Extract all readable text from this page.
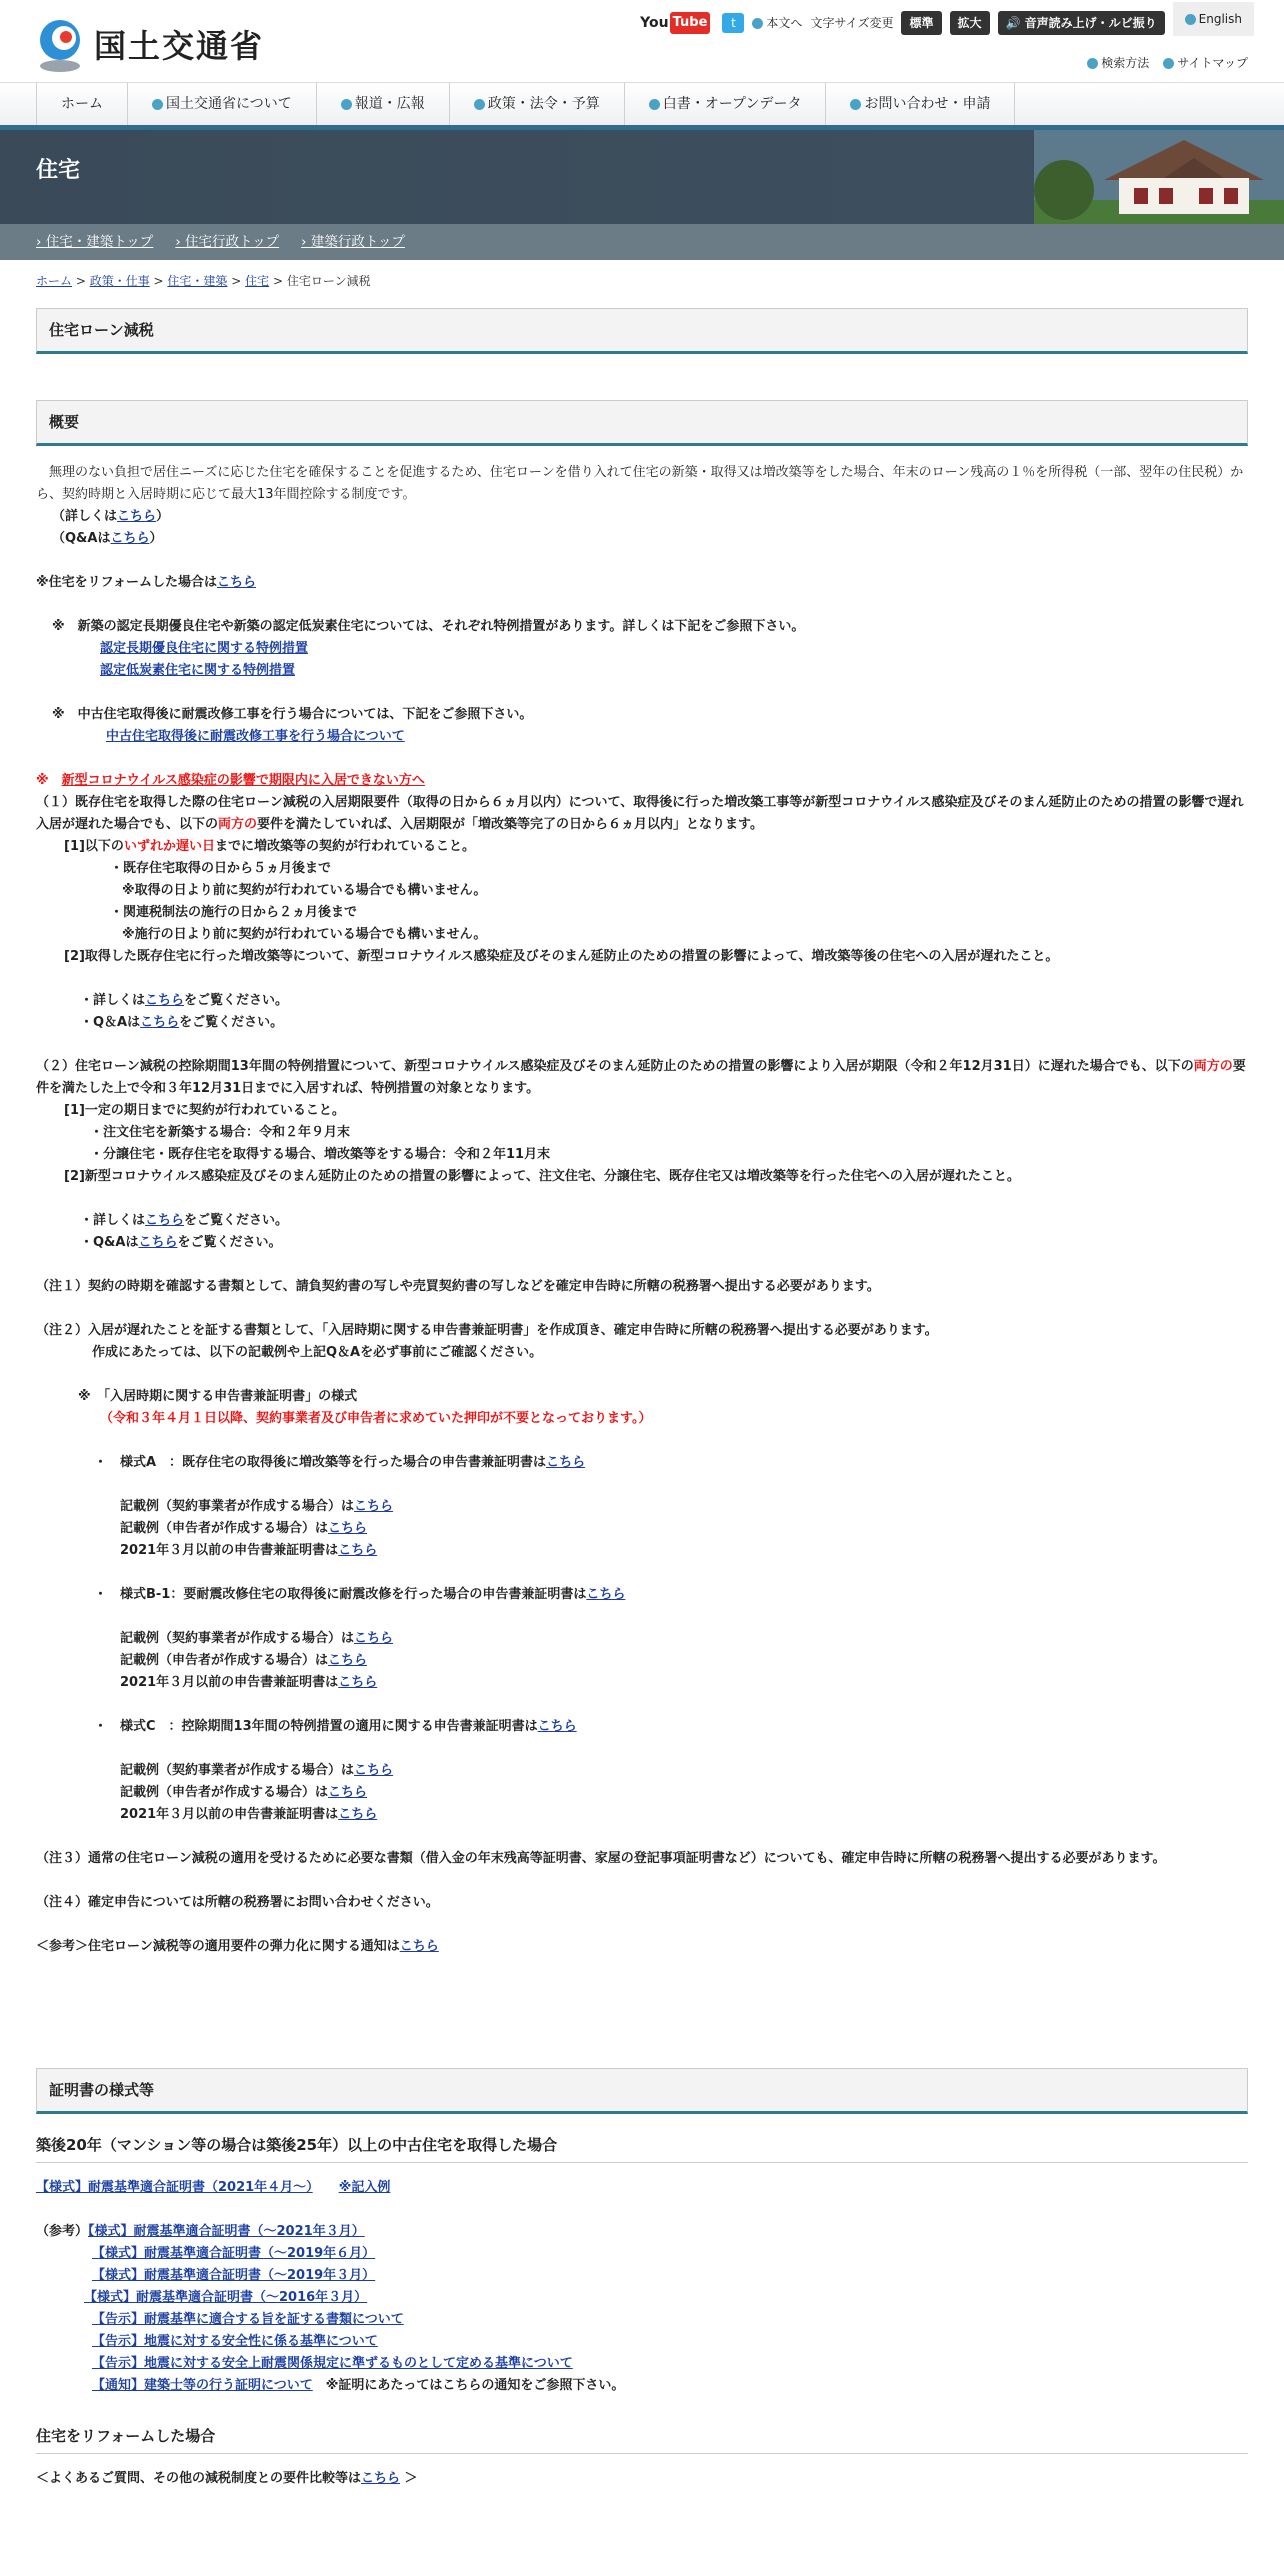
国土交通省
You Tube	t	本文へ 文字サイズ変更	標準	拡大	🔊 音声読み上げ・ルビ振り	English
検索方法	サイトマップ
ホーム	国土交通省について	報道・広報	政策・法令・予算	白書・オープンデータ	お問い合わせ・申請
住宅
› 住宅・建築トップ	› 住宅行政トップ	› 建築行政トップ
ホーム > 政策・仕事 > 住宅・建築 > 住宅 > 住宅ローン減税
住宅ローン減税
概要
　無理のない負担で居住ニーズに応じた住宅を確保することを促進するため、住宅ローンを借り入れて住宅の新築・取得又は増改築等をした場合、年末のローン残高の１％を所得税（一部、翌年の住民税）から、契約時期と入居時期に応じて最大13年間控除する制度です。
（詳しくはこちら）
（Q&Aはこちら）
※住宅をリフォームした場合はこちら
※　新築の認定長期優良住宅や新築の認定低炭素住宅については、それぞれ特例措置があります。詳しくは下記をご参照下さい。
認定長期優良住宅に関する特例措置
認定低炭素住宅に関する特例措置
※　中古住宅取得後に耐震改修工事を行う場合については、下記をご参照下さい。
中古住宅取得後に耐震改修工事を行う場合について
※　新型コロナウイルス感染症の影響で期限内に入居できない方へ
（１）既存住宅を取得した際の住宅ローン減税の入居期限要件（取得の日から６ヵ月以内）について、取得後に行った増改築工事等が新型コロナウイルス感染症及びそのまん延防止のための措置の影響で遅れ入居が遅れた場合でも、以下の両方の要件を満たしていれば、入居期限が「増改築等完了の日から６ヵ月以内」となります。
[1]以下のいずれか遅い日までに増改築等の契約が行われていること。
・既存住宅取得の日から５ヵ月後まで
※取得の日より前に契約が行われている場合でも構いません。
・関連税制法の施行の日から２ヵ月後まで
※施行の日より前に契約が行われている場合でも構いません。
[2]取得した既存住宅に行った増改築等について、新型コロナウイルス感染症及びそのまん延防止のための措置の影響によって、増改築等後の住宅への入居が遅れたこと。
・詳しくはこちらをご覧ください。
・Q＆Aはこちらをご覧ください。
（２）住宅ローン減税の控除期間13年間の特例措置について、新型コロナウイルス感染症及びそのまん延防止のための措置の影響により入居が期限（令和２年12月31日）に遅れた場合でも、以下の両方の要件を満たした上で令和３年12月31日までに入居すれば、特例措置の対象となります。
[1]一定の期日までに契約が行われていること。
・注文住宅を新築する場合：令和２年９月末
・分譲住宅・既存住宅を取得する場合、増改築等をする場合：令和２年11月末
[2]新型コロナウイルス感染症及びそのまん延防止のための措置の影響によって、注文住宅、分譲住宅、既存住宅又は増改築等を行った住宅への入居が遅れたこと。
・詳しくはこちらをご覧ください。
・Q&Aはこちらをご覧ください。
（注１）契約の時期を確認する書類として、請負契約書の写しや売買契約書の写しなどを確定申告時に所轄の税務署へ提出する必要があります。
（注２）入居が遅れたことを証する書類として、「入居時期に関する申告書兼証明書」を作成頂き、確定申告時に所轄の税務署へ提出する必要があります。
作成にあたっては、以下の記載例や上記Q＆Aを必ず事前にご確認ください。
※　「入居時期に関する申告書兼証明書」の様式
（令和３年４月１日以降、契約事業者及び申告者に求めていた押印が不要となっております。）
・　様式A　：既存住宅の取得後に増改築等を行った場合の申告書兼証明書はこちら
記載例（契約事業者が作成する場合）はこちら
記載例（申告者が作成する場合）はこちら
2021年３月以前の申告書兼証明書はこちら
・　様式B-1：要耐震改修住宅の取得後に耐震改修を行った場合の申告書兼証明書はこちら
記載例（契約事業者が作成する場合）はこちら
記載例（申告者が作成する場合）はこちら
2021年３月以前の申告書兼証明書はこちら
・　様式C　：控除期間13年間の特例措置の適用に関する申告書兼証明書はこちら
記載例（契約事業者が作成する場合）はこちら
記載例（申告者が作成する場合）はこちら
2021年３月以前の申告書兼証明書はこちら
（注３）通常の住宅ローン減税の適用を受けるために必要な書類（借入金の年末残高等証明書、家屋の登記事項証明書など）についても、確定申告時に所轄の税務署へ提出する必要があります。
（注４）確定申告については所轄の税務署にお問い合わせください。
＜参考＞住宅ローン減税等の適用要件の弾力化に関する通知はこちら
証明書の様式等
築後20年（マンション等の場合は築後25年）以上の中古住宅を取得した場合
【様式】耐震基準適合証明書（2021年４月～）　　 ※記入例
（参考）【様式】耐震基準適合証明書（～2021年３月）
【様式】耐震基準適合証明書（～2019年６月）
【様式】耐震基準適合証明書（～2019年３月）
【様式】耐震基準適合証明書（～2016年３月）
【告示】耐震基準に適合する旨を証する書類について
【告示】地震に対する安全性に係る基準について
【告示】地震に対する安全上耐震関係規定に準ずるものとして定める基準について
【通知】建築士等の行う証明について　 ※証明にあたってはこちらの通知をご参照下さい。
住宅をリフォームした場合
＜よくあるご質問、その他の減税制度との要件比較等はこちら ＞
